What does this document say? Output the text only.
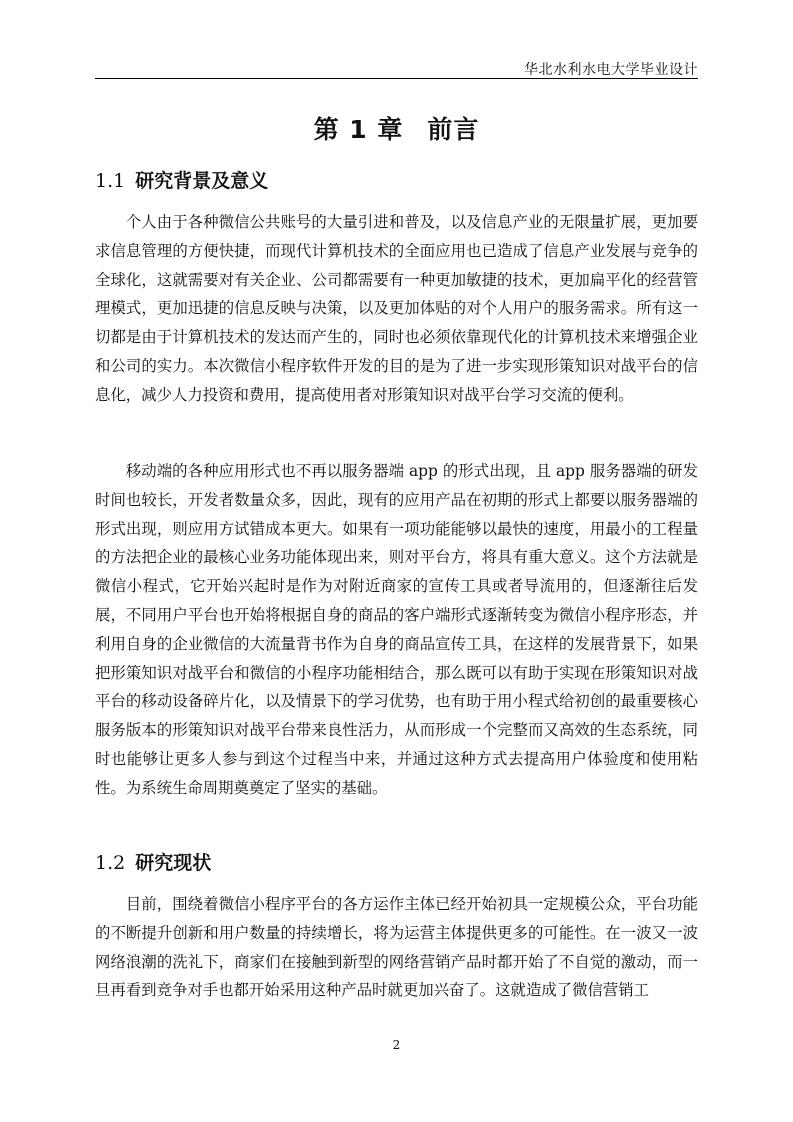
华北水利水电大学毕业设计
第 1 章 前言
1.1 研究背景及意义

个人由于各种微信公共账号的大量引进和普及，以及信息产业的无限量扩展，更加要求信息管理的方便快捷，而现代计算机技术的全面应用也已造成了信息产业发展与竞争的全球化，这就需要对有关企业、公司都需要有一种更加敏捷的技术，更加扁平化的经营管理模式，更加迅捷的信息反映与决策，以及更加体贴的对个人用户的服务需求。所有这一切都是由于计算机技术的发达而产生的，同时也必须依靠现代化的计算机技术来增强企业和公司的实力。本次微信小程序软件开发的目的是为了进一步实现形策知识对战平台的信息化，减少人力投资和费用，提高使用者对形策知识对战平台学习交流的便利。

移动端的各种应用形式也不再以服务器端 app 的形式出现，且 app 服务器端的研发时间也较长，开发者数量众多，因此，现有的应用产品在初期的形式上都要以服务器端的形式出现，则应用方试错成本更大。如果有一项功能能够以最快的速度，用最小的工程量的方法把企业的最核心业务功能体现出来，则对平台方，将具有重大意义。这个方法就是微信小程式，它开始兴起时是作为对附近商家的宣传工具或者导流用的，但逐渐往后发展，不同用户平台也开始将根据自身的商品的客户端形式逐渐转变为微信小程序形态，并利用自身的企业微信的大流量背书作为自身的商品宣传工具，在这样的发展背景下，如果把形策知识对战平台和微信的小程序功能相结合，那么既可以有助于实现在形策知识对战平台的移动设备碎片化，以及情景下的学习优势，也有助于用小程式给初创的最重要核心服务版本的形策知识对战平台带来良性活力，从而形成一个完整而又高效的生态系统，同时也能够让更多人参与到这个过程当中来，并通过这种方式去提高用户体验度和使用粘性。为系统生命周期奠奠定了坚实的基础。

1.2 研究现状

目前，围绕着微信小程序平台的各方运作主体已经开始初具一定规模公众，平台功能的不断提升创新和用户数量的持续增长，将为运营主体提供更多的可能性。在一波又一波网络浪潮的洗礼下，商家们在接触到新型的网络营销产品时都开始了不自觉的激动，而一旦再看到竞争对手也都开始采用这种产品时就更加兴奋了。这就造成了微信营销工

2
